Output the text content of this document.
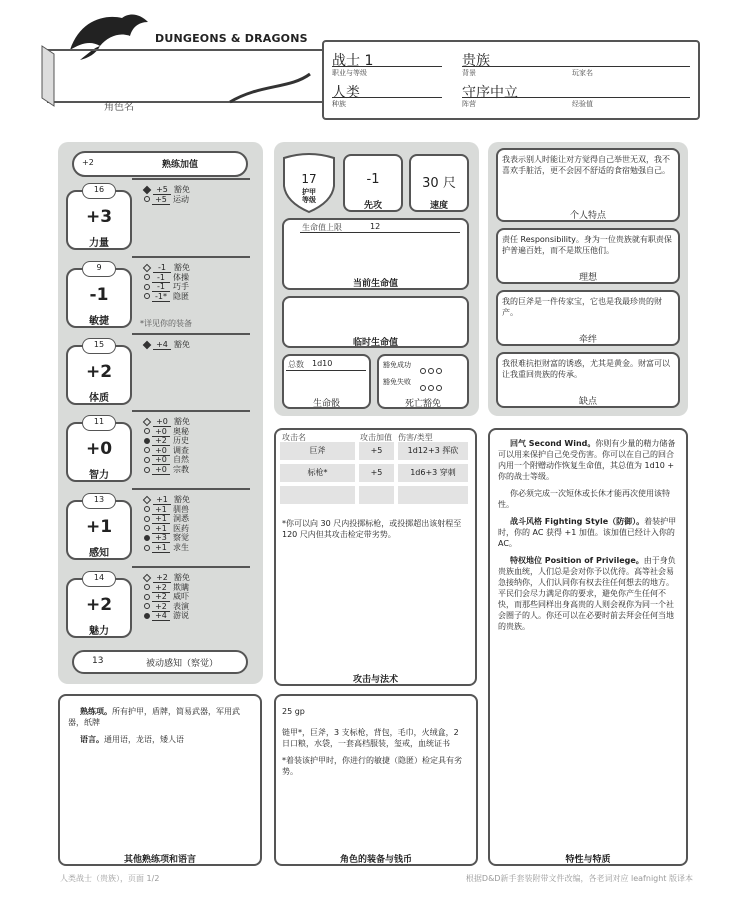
DUNGEONS & DRAGONS
角色名
战士 1
职业与等级
贵族
背景	玩家名
人类
种族
守序中立
阵营	经验值
+2	熟练加值
16
+3
力量
+5 豁免
+5 运动
9
-1
敏捷
-1 豁免
-1 体操
-1 巧手
-1* 隐匿
*详见你的装备
15
+2
体质
+4 豁免
11
+0
智力
+0 豁免
+0 奥秘
+2 历史
+0 调查
+0 自然
+0 宗教
13
+1
感知
+1 豁免
+1 驯兽
+1 洞悉
+1 医药
+3 察觉
+1 求生
14
+2
魅力
+2 豁免
+2 欺瞒
+2 威吓
+2 表演
+4 游说
13	被动感知（察觉）
17
护甲
等级
-1
先攻
30 尺
速度
生命值上限	12
当前生命值
临时生命值
总数 1d10
生命骰
豁免成功
豁免失败
死亡豁免
攻击名	攻击加值 伤害/类型
巨斧	+5	1d12+3 挥砍
标枪*	+5	1d6+3 穿刺
*你可以向 30 尺内投掷标枪，或投掷超出该射程至 120 尺内但其攻击检定带劣势。
攻击与法术
我表示别人时能让对方觉得自己举世无双，我不喜欢手脏活，更不会因不舒适的食宿勉强自己。
个人特点
责任 Responsibility。身为一位贵族就有职责保护普遍百姓，而不是欺压他们。
理想
我的巨斧是一件传家宝，它也是我最珍贵的财产。
牵绊
我很难抗拒财富的诱惑，尤其是黄金。财富可以让我重回贵族的传承。
缺点

回气 Second Wind。你则有少量的精力储备可以用来保护自己免受伤害。你可以在自己的回合内用一个附赠动作恢复生命值，其总值为 1d10 + 你的战士等级。

你必须完成一次短休或长休才能再次使用该特性。

战斗风格 Fighting Style（防御）。着装护甲时，你的 AC 获得 +1 加值。该加值已经计入你的 AC。

特权地位 Position of Privilege。由于身负贵族血统，人们总是会对你予以优待。高等社会易急接纳你，人们认同你有权去往任何想去的地方。平民们会尽力满足你的要求，避免你产生任何不快，而那些同样出身高贵的人则会视你为同一个社会圈子的人。你还可以在必要时前去拜会任何当地的贵族。

特性与特质

熟练项。所有护甲，盾牌，简易武器，军用武器，纸牌

语言。通用语，龙语，矮人语

其他熟练项和语言

25 gp

链甲*，巨斧，3 支标枪，背包，毛巾，火绒盒，2 日口粮，水袋，一套高档服装，玺戒，血统证书

*着装该护甲时，你进行的敏捷（隐匿）检定具有劣势。

角色的装备与钱币
人类战士（贵族），页面 1/2	根据D&D新手套装附带文件改编，各老词对应 leafnight 版译本
